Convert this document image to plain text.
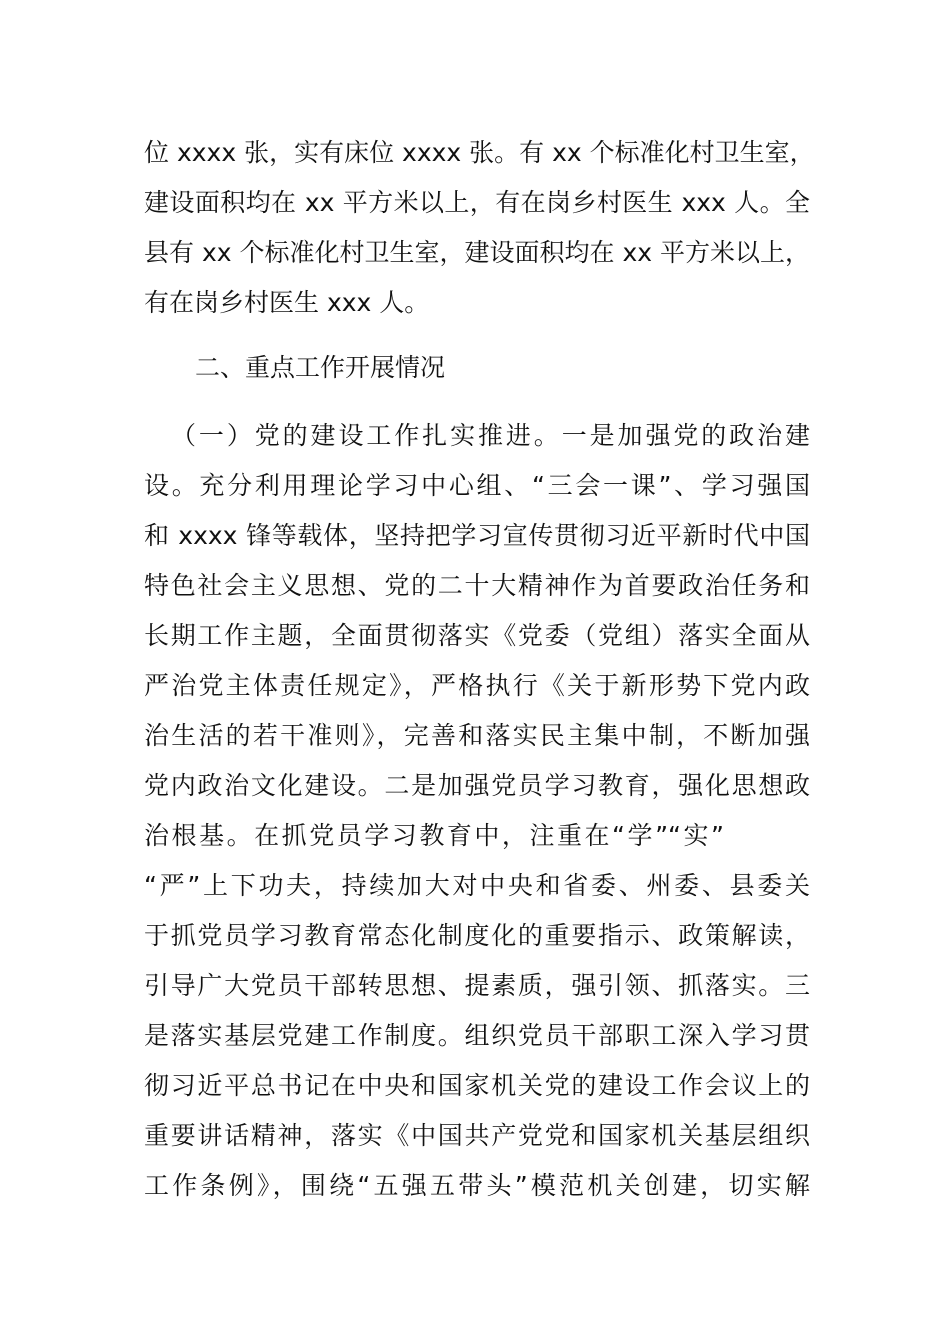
位 xxxx 张，实有床位 xxxx 张。有 xx 个标准化村卫生室，
建设面积均在 xx 平方米以上，有在岗乡村医生 xxx 人。全
县有 xx 个标准化村卫生室，建设面积均在 xx 平方米以上，
有在岗乡村医生 xxx 人。
二、重点工作开展情况
（一）党的建设工作扎实推进。一是加强党的政治建
设。充分利用理论学习中心组、“三会一课”、学习强国
和 xxxx 锋等载体，坚持把学习宣传贯彻习近平新时代中国
特色社会主义思想、党的二十大精神作为首要政治任务和
长期工作主题，全面贯彻落实《党委（党组）落实全面从
严治党主体责任规定》，严格执行《关于新形势下党内政
治生活的若干准则》，完善和落实民主集中制，不断加强
党内政治文化建设。二是加强党员学习教育，强化思想政
治根基。在抓党员学习教育中，注重在“学”“实”
“严”上下功夫，持续加大对中央和省委、州委、县委关
于抓党员学习教育常态化制度化的重要指示、政策解读，
引导广大党员干部转思想、提素质，强引领、抓落实。三
是落实基层党建工作制度。组织党员干部职工深入学习贯
彻习近平总书记在中央和国家机关党的建设工作会议上的
重要讲话精神，落实《中国共产党党和国家机关基层组织
工作条例》，围绕“五强五带头”模范机关创建，切实解
